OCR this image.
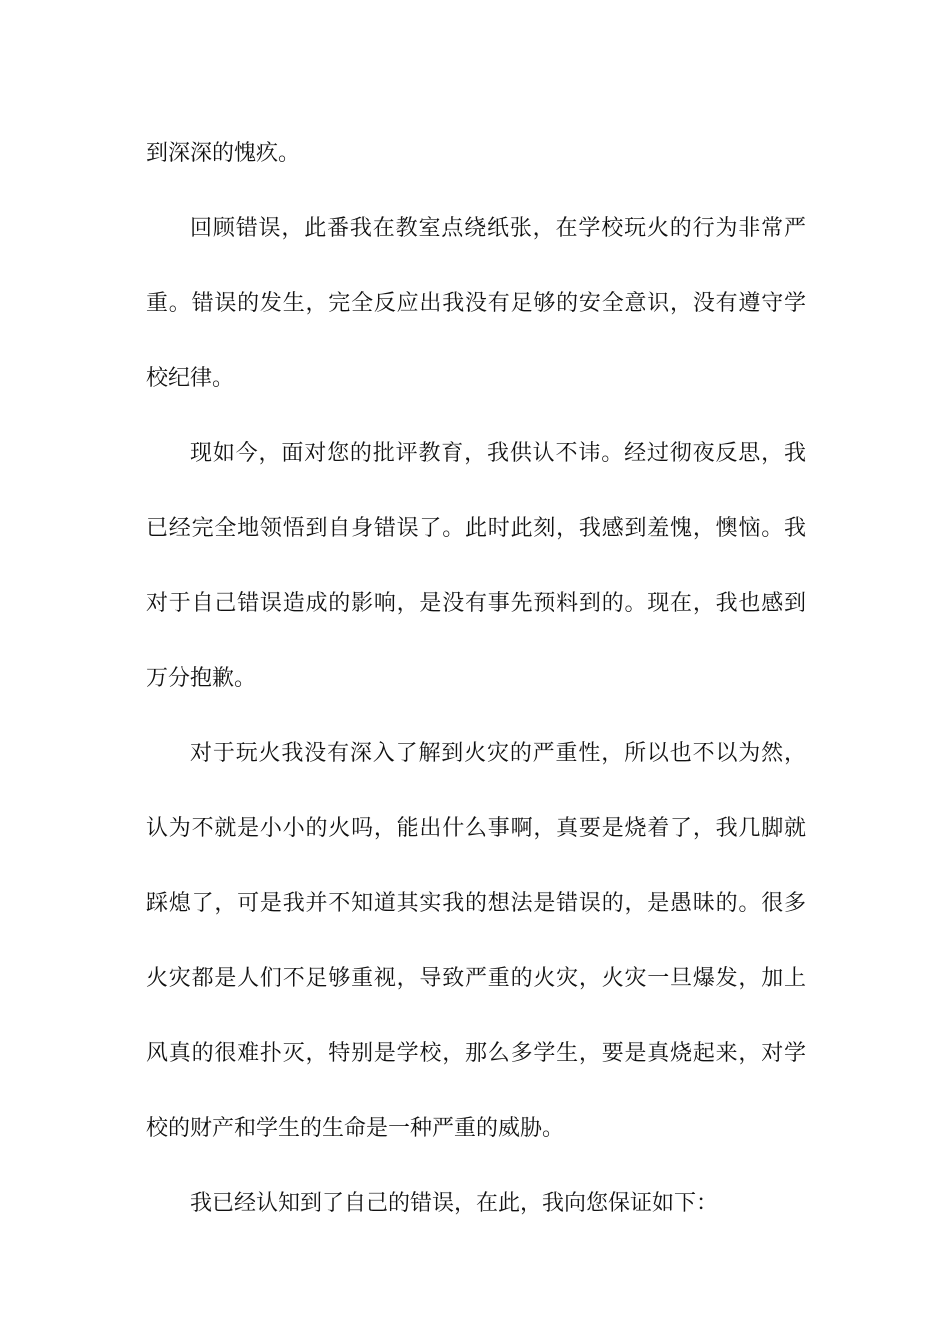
到深深的愧疚。
回顾错误，此番我在教室点绕纸张，在学校玩火的行为非常严
重。错误的发生，完全反应出我没有足够的安全意识，没有遵守学
校纪律。
现如今，面对您的批评教育，我供认不讳。经过彻夜反思，我
已经完全地领悟到自身错误了。此时此刻，我感到羞愧，懊恼。我
对于自己错误造成的影响，是没有事先预料到的。现在，我也感到
万分抱歉。
对于玩火我没有深入了解到火灾的严重性，所以也不以为然，
认为不就是小小的火吗，能出什么事啊，真要是烧着了，我几脚就
踩熄了，可是我并不知道其实我的想法是错误的，是愚昧的。很多
火灾都是人们不足够重视，导致严重的火灾，火灾一旦爆发，加上
风真的很难扑灭，特别是学校，那么多学生，要是真烧起来，对学
校的财产和学生的生命是一种严重的威胁。
我已经认知到了自己的错误，在此，我向您保证如下：
